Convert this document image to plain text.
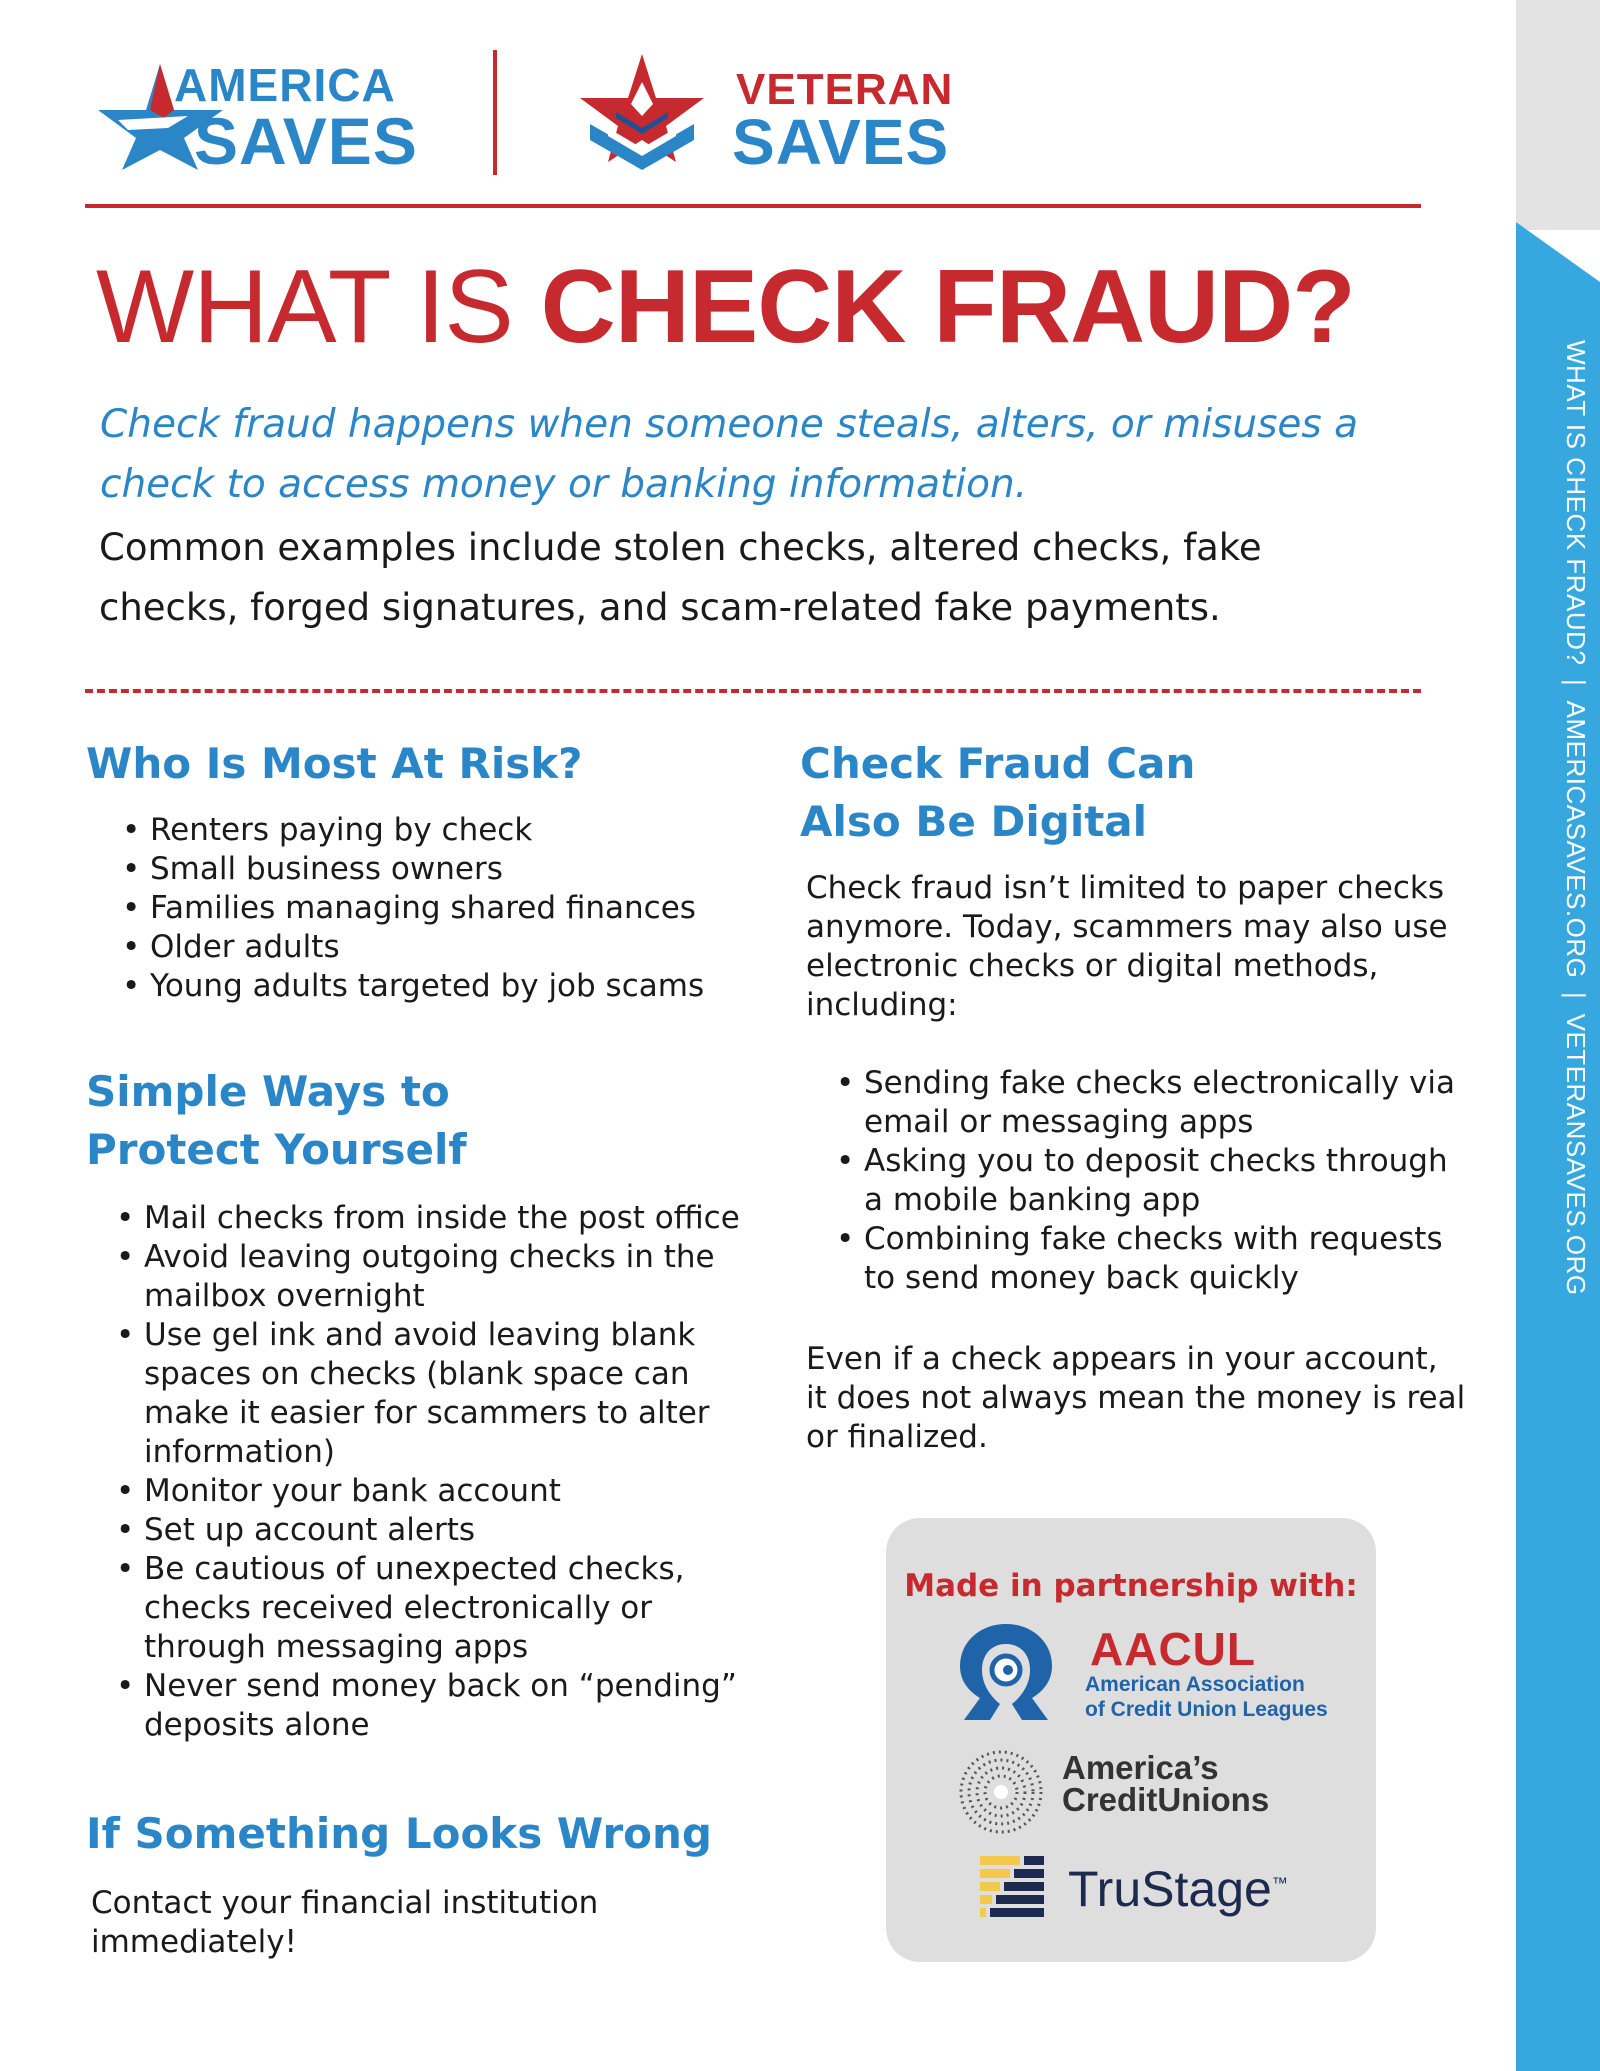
WHAT IS CHECK FRAUD?|AMERICASAVES.ORG|VETERANSAVES.ORG
AMERICA
SAVES
VETERAN
SAVES
WHAT IS CHECK FRAUD?
Check fraud happens when someone steals, alters, or misuses a check to access money or banking information.
Common examples include stolen checks, altered checks, fake checks, forged signatures, and scam-related fake payments.
Who Is Most At Risk?
• Renters paying by check
• Small business owners
• Families managing shared finances
• Older adults
• Young adults targeted by job scams
Simple Ways to
Protect Yourself
• Mail checks from inside the post office
• Avoid leaving outgoing checks in the mailbox overnight
• Use gel ink and avoid leaving blank spaces on checks (blank space can make it easier for scammers to alter information)
• Monitor your bank account
• Set up account alerts
• Be cautious of unexpected checks, checks received electronically or through messaging apps
• Never send money back on “pending” deposits alone
If Something Looks Wrong
Contact your financial institution immediately!
Check Fraud Can
Also Be Digital
Check fraud isn’t limited to paper checks anymore. Today, scammers may also use electronic checks or digital methods, including:
• Sending fake checks electronically via email or messaging apps
• Asking you to deposit checks through a mobile banking app
• Combining fake checks with requests to send money back quickly
Even if a check appears in your account, it does not always mean the money is real or finalized.
Made in partnership with:
AACUL
American Association
of Credit Union Leagues
America’s
CreditUnions
TruStage™
